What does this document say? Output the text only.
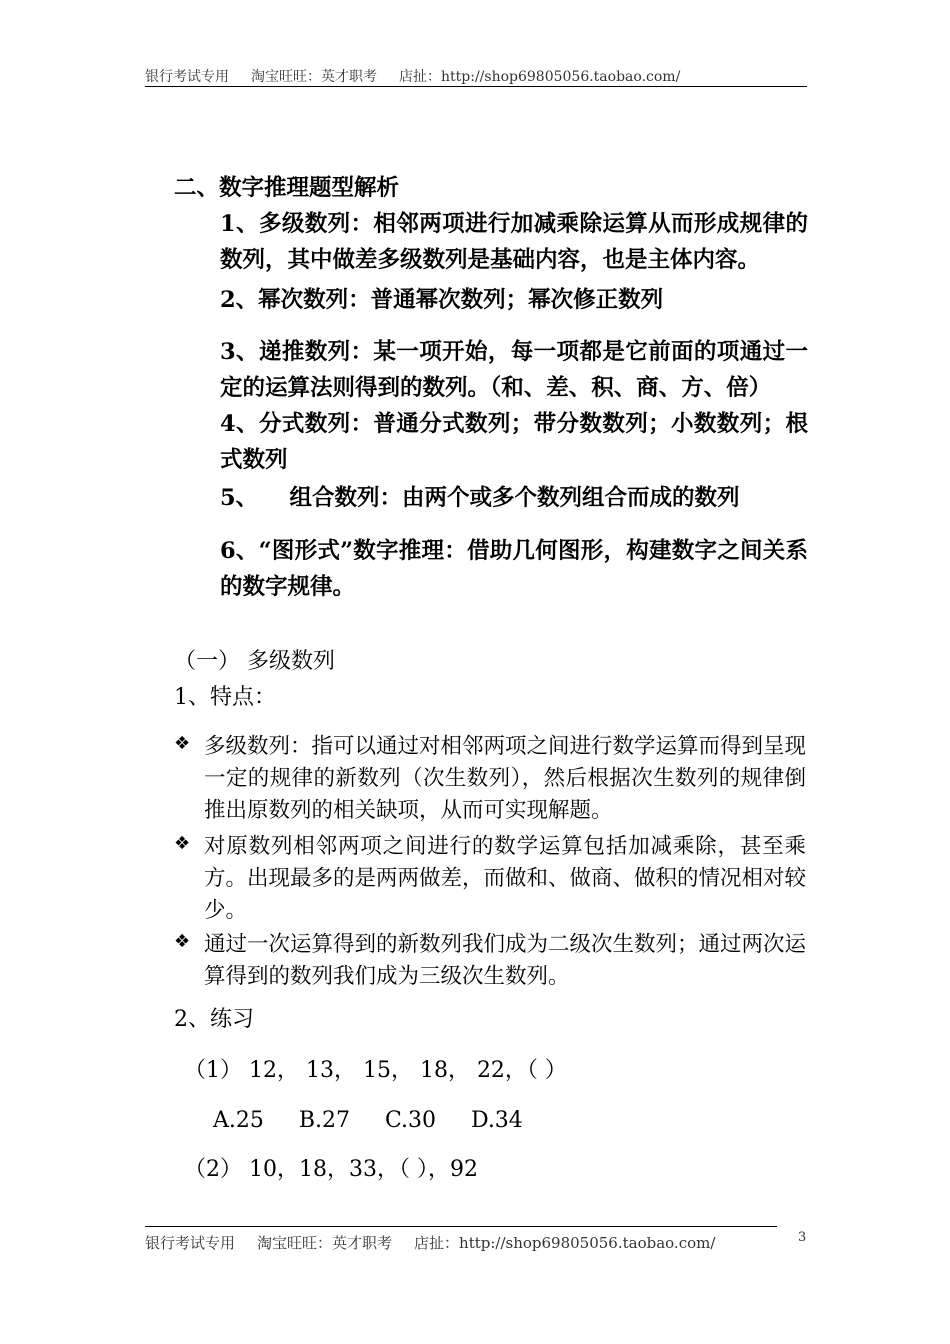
银行考试专用 淘宝旺旺：英才职考 店扯：http://shop69805056.taobao.com/
二、数字推理题型解析
1、多级数列：相邻两项进行加减乘除运算从而形成规律的数列，其中做差多级数列是基础内容，也是主体内容。
2、幂次数列：普通幂次数列；幂次修正数列
3、递推数列：某一项开始，每一项都是它前面的项通过一定的运算法则得到的数列。（和、差、积、商、方、倍）
4、分式数列：普通分式数列；带分数数列；小数数列；根式数列
5、    组合数列：由两个或多个数列组合而成的数列
6、“图形式”数字推理：借助几何图形，构建数字之间关系的数字规律。
（一） 多级数列
1、特点：
❖ 多级数列：指可以通过对相邻两项之间进行数学运算而得到呈现一定的规律的新数列（次生数列），然后根据次生数列的规律倒推出原数列的相关缺项，从而可实现解题。
❖ 对原数列相邻两项之间进行的数学运算包括加减乘除，甚至乘方。出现最多的是两两做差，而做和、做商、做积的情况相对较少。
❖ 通过一次运算得到的新数列我们成为二级次生数列；通过两次运算得到的数列我们成为三级次生数列。
2、练习
（1） 12， 13， 15， 18， 22，（ ）
A.25     B.27     C.30     D.34
（2） 10，18，33，（ ），92
银行考试专用 淘宝旺旺：英才职考 店扯：http://shop69805056.taobao.com/	3
